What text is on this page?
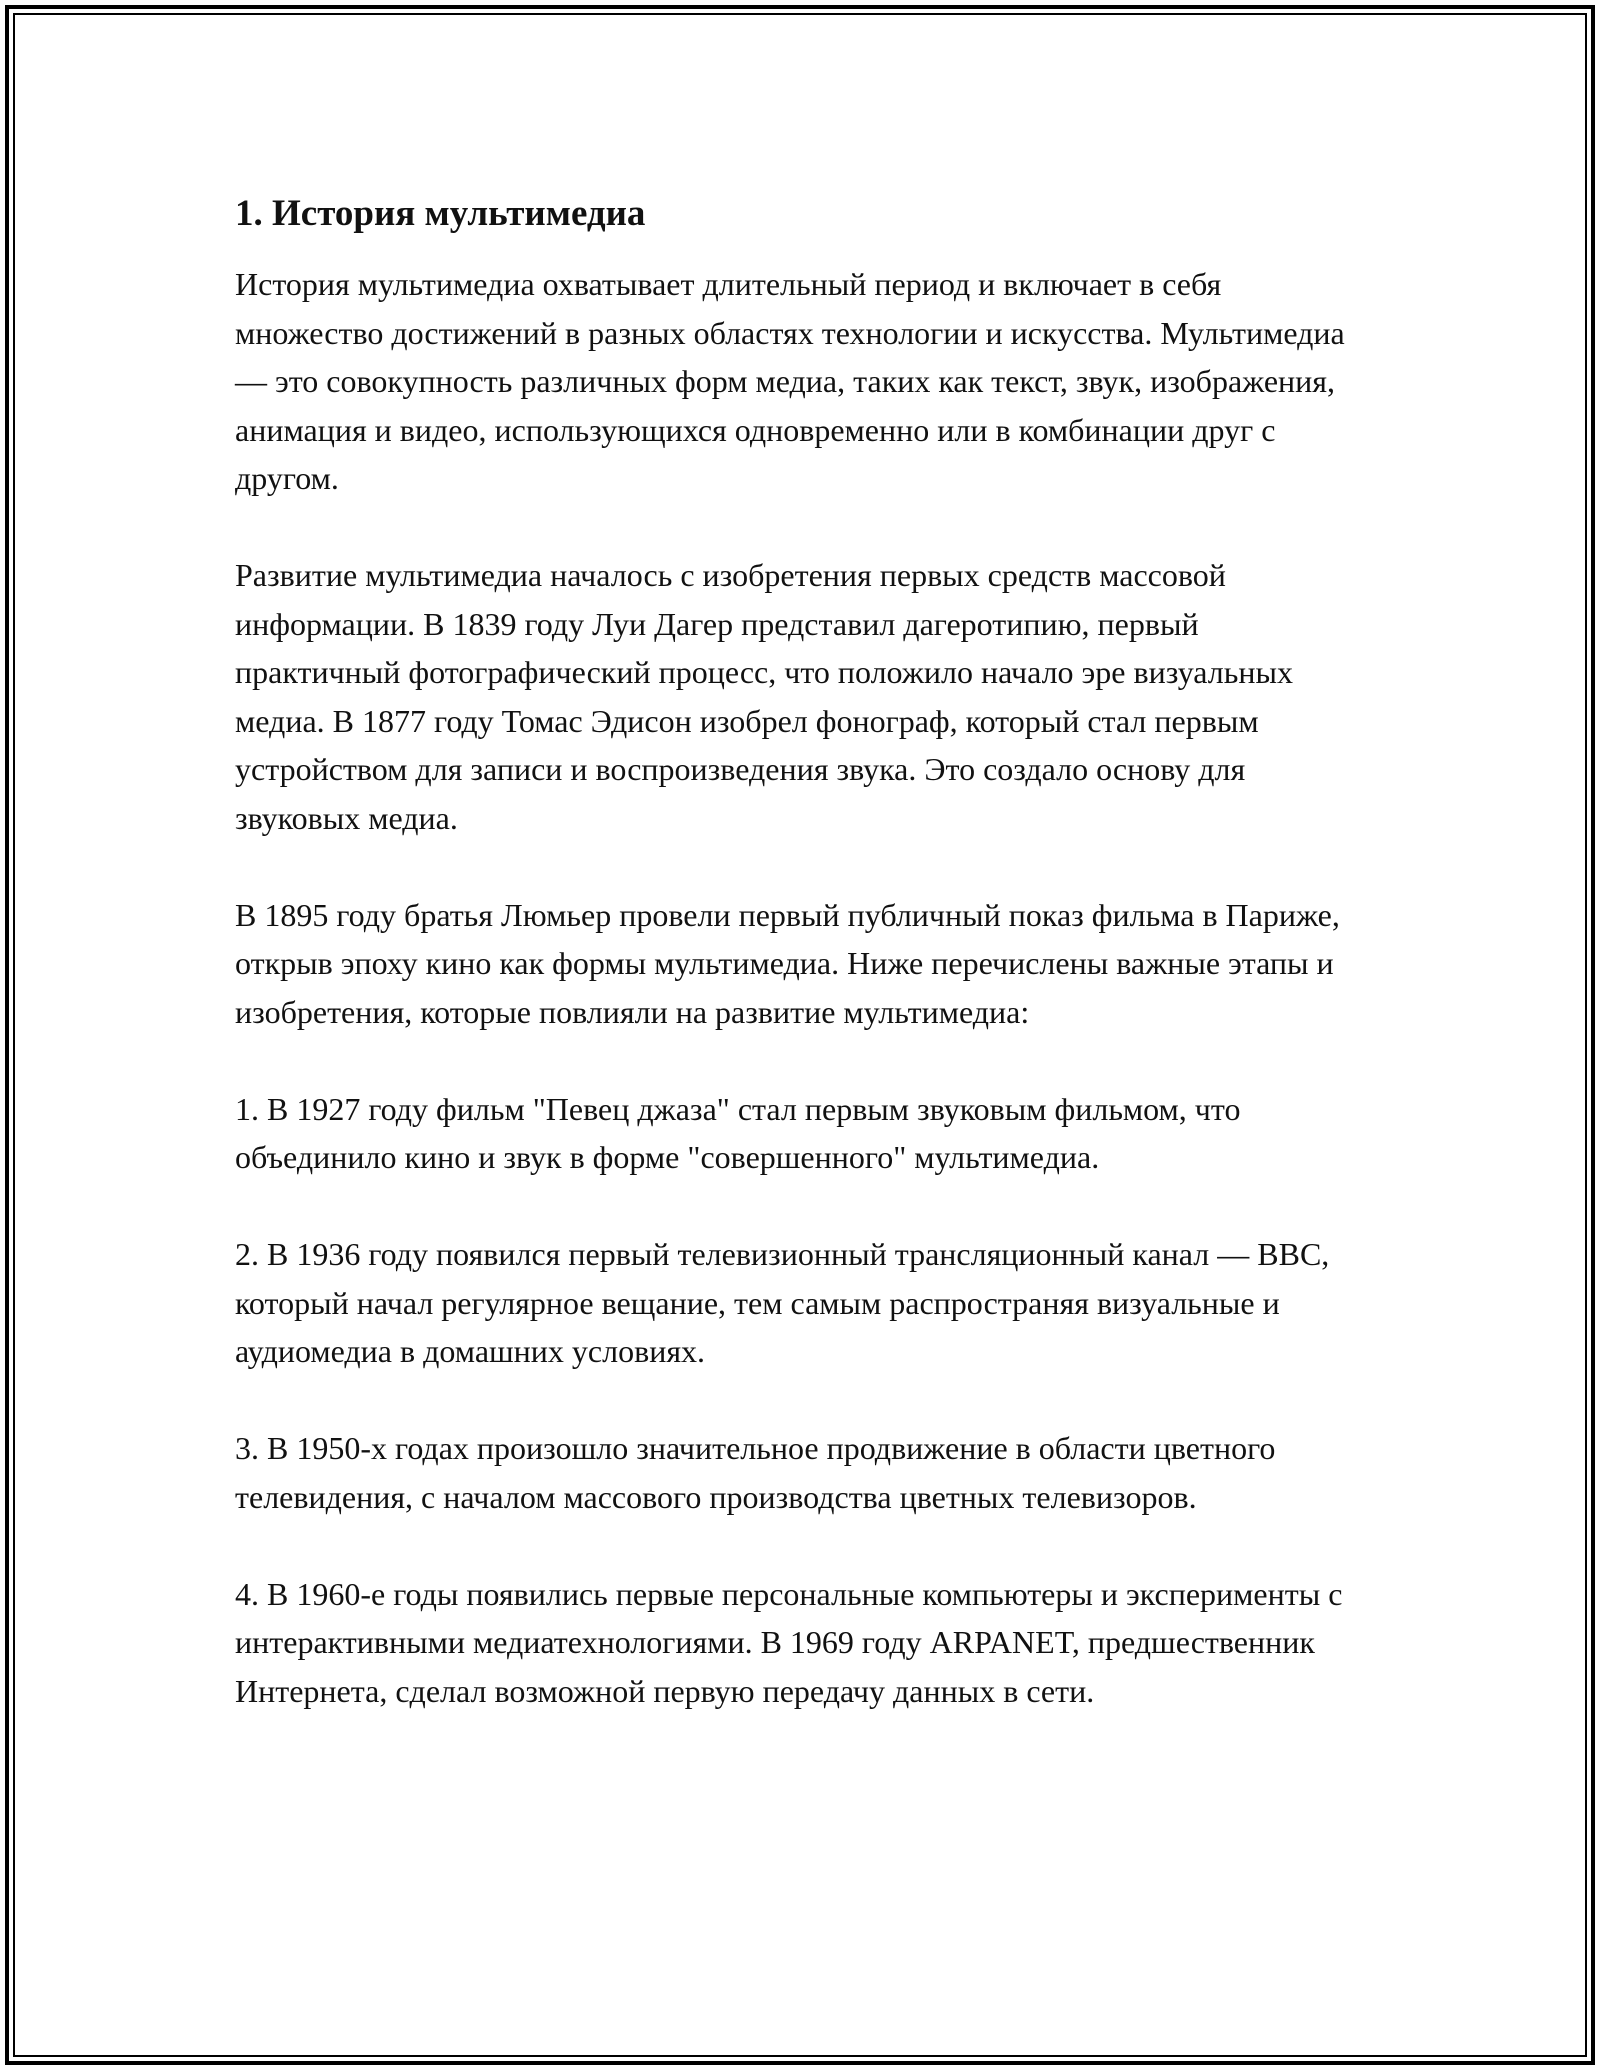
1. История мультимедиа

История мультимедиа охватывает длительный период и включает в себя множество достижений в разных областях технологии и искусства. Мультимедиа — это совокупность различных форм медиа, таких как текст, звук, изображения, анимация и видео, использующихся одновременно или в комбинации друг с другом.

Развитие мультимедиа началось с изобретения первых средств массовой информации. В 1839 году Луи Дагер представил дагеротипию, первый практичный фотографический процесс, что положило начало эре визуальных медиа. В 1877 году Томас Эдисон изобрел фонограф, который стал первым устройством для записи и воспроизведения звука. Это создало основу для звуковых медиа.

В 1895 году братья Люмьер провели первый публичный показ фильма в Париже, открыв эпоху кино как формы мультимедиа. Ниже перечислены важные этапы и изобретения, которые повлияли на развитие мультимедиа:

1. В 1927 году фильм "Певец джаза" стал первым звуковым фильмом, что объединило кино и звук в форме "совершенного" мультимедиа.

2. В 1936 году появился первый телевизионный трансляционный канал — BBC, который начал регулярное вещание, тем самым распространяя визуальные и аудиомедиа в домашних условиях.

3. В 1950-х годах произошло значительное продвижение в области цветного телевидения, с началом массового производства цветных телевизоров.

4. В 1960-е годы появились первые персональные компьютеры и эксперименты с интерактивными медиатехнологиями. В 1969 году ARPANET, предшественник Интернета, сделал возможной первую передачу данных в сети.
